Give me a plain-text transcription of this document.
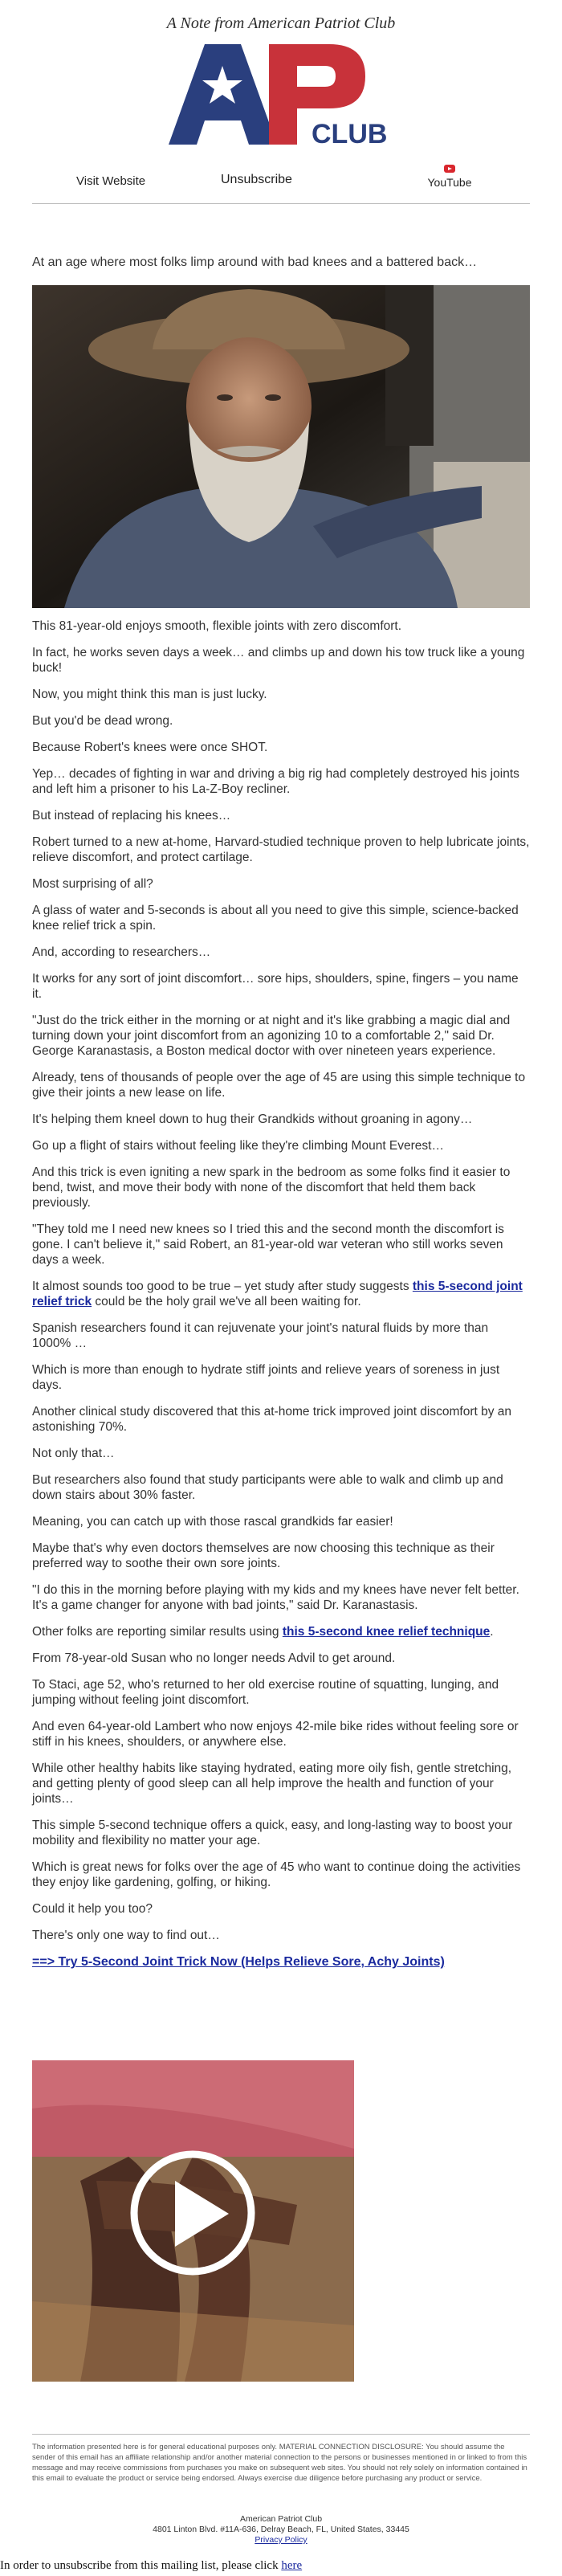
A Note from American Patriot Club
CLUB
Visit Website	Unsubscribe	YouTube
At an age where most folks limp around with bad knees and a battered back…

This 81-year-old enjoys smooth, flexible joints with zero discomfort.

In fact, he works seven days a week… and climbs up and down his tow truck like a young buck!

Now, you might think this man is just lucky.

But you'd be dead wrong.

Because Robert's knees were once SHOT.

Yep… decades of fighting in war and driving a big rig had completely destroyed his joints and left him a prisoner to his La-Z-Boy recliner.

But instead of replacing his knees…

Robert turned to a new at-home, Harvard-studied technique proven to help lubricate joints, relieve discomfort, and protect cartilage.

Most surprising of all?

A glass of water and 5-seconds is about all you need to give this simple, science-backed knee relief trick a spin.

And, according to researchers…

It works for any sort of joint discomfort… sore hips, shoulders, spine, fingers – you name it.

"Just do the trick either in the morning or at night and it's like grabbing a magic dial and turning down your joint discomfort from an agonizing 10 to a comfortable 2," said Dr. George Karanastasis, a Boston medical doctor with over nineteen years experience.

Already, tens of thousands of people over the age of 45 are using this simple technique to give their joints a new lease on life.

It's helping them kneel down to hug their Grandkids without groaning in agony…

Go up a flight of stairs without feeling like they're climbing Mount Everest…

And this trick is even igniting a new spark in the bedroom as some folks find it easier to bend, twist, and move their body with none of the discomfort that held them back previously.

"They told me I need new knees so I tried this and the second month the discomfort is gone. I can't believe it," said Robert, an 81-year-old war veteran who still works seven days a week.

It almost sounds too good to be true – yet study after study suggests this 5-second joint relief trick could be the holy grail we've all been waiting for.

Spanish researchers found it can rejuvenate your joint's natural fluids by more than 1000% …

Which is more than enough to hydrate stiff joints and relieve years of soreness in just days.

Another clinical study discovered that this at-home trick improved joint discomfort by an astonishing 70%.

Not only that…

But researchers also found that study participants were able to walk and climb up and down stairs about 30% faster.

Meaning, you can catch up with those rascal grandkids far easier!

Maybe that's why even doctors themselves are now choosing this technique as their preferred way to soothe their own sore joints.

"I do this in the morning before playing with my kids and my knees have never felt better. It's a game changer for anyone with bad joints," said Dr. Karanastasis.

Other folks are reporting similar results using this 5-second knee relief technique.

From 78-year-old Susan who no longer needs Advil to get around.

To Staci, age 52, who's returned to her old exercise routine of squatting, lunging, and jumping without feeling joint discomfort.

And even 64-year-old Lambert who now enjoys 42-mile bike rides without feeling sore or stiff in his knees, shoulders, or anywhere else.

While other healthy habits like staying hydrated, eating more oily fish, gentle stretching, and getting plenty of good sleep can all help improve the health and function of your joints…

This simple 5-second technique offers a quick, easy, and long-lasting way to boost your mobility and flexibility no matter your age.

Which is great news for folks over the age of 45 who want to continue doing the activities they enjoy like gardening, golfing, or hiking.

Could it help you too?

There's only one way to find out…

==> Try 5-Second Joint Trick Now (Helps Relieve Sore, Achy Joints)

The information presented here is for general educational purposes only. MATERIAL CONNECTION DISCLOSURE: You should assume the sender of this email has an affiliate relationship and/or another material connection to the persons or businesses mentioned in or linked to from this message and may receive commissions from purchases you make on subsequent web sites. You should not rely solely on information contained in this email to evaluate the product or service being endorsed. Always exercise due diligence before purchasing any product or service.
American Patriot Club
4801 Linton Blvd. #11A-636, Delray Beach, FL, United States, 33445
Privacy Policy
In order to unsubscribe from this mailing list, please click here
